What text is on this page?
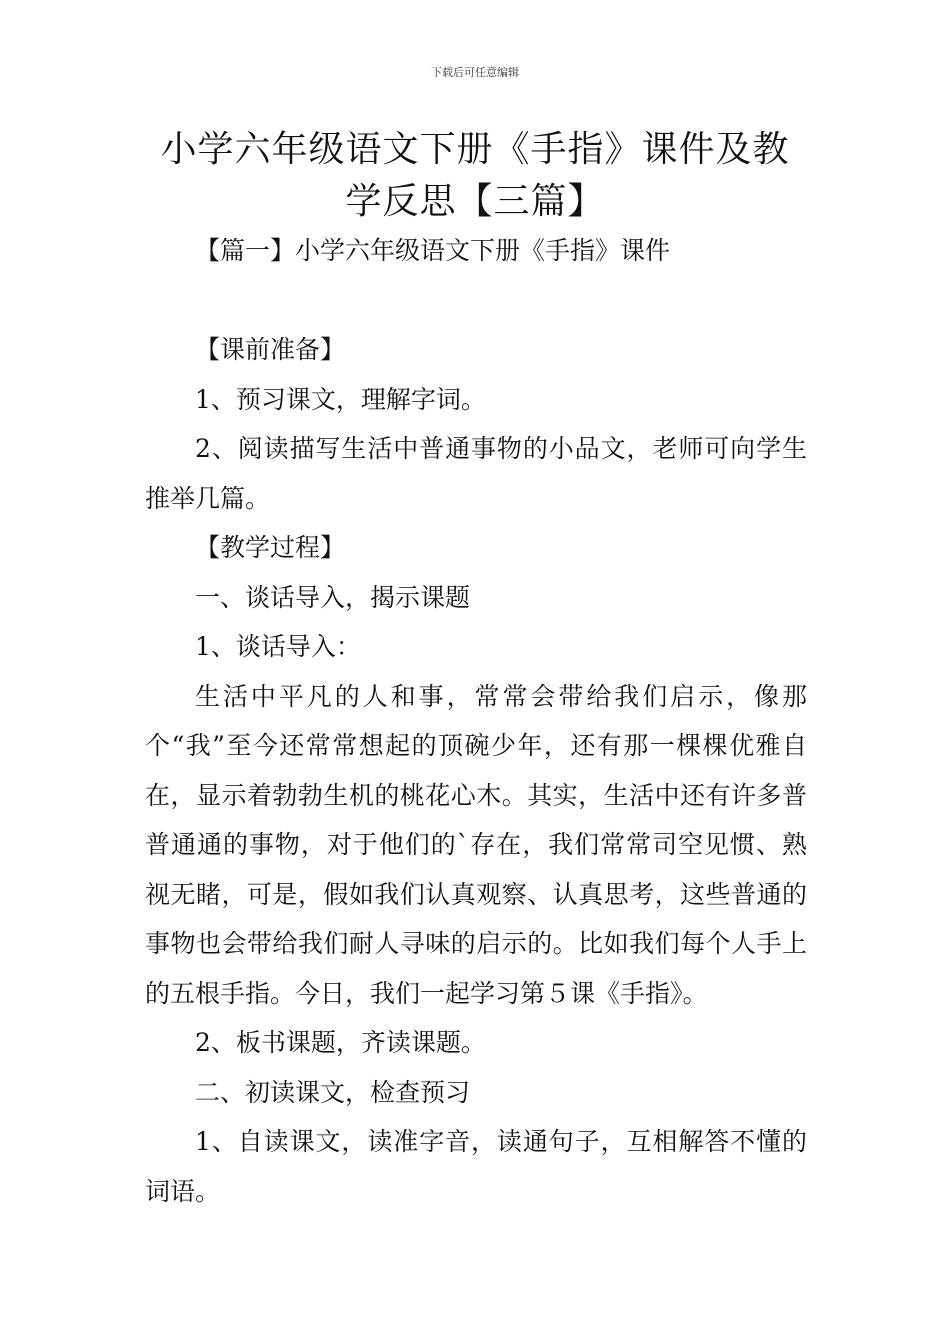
下载后可任意编辑
小学六年级语文下册《手指》课件及教学反思【三篇】

【篇一】小学六年级语文下册《手指》课件

【课前准备】

1、预习课文，理解字词。

2、阅读描写生活中普通事物的小品文，老师可向学生推举几篇。

【教学过程】

一、谈话导入，揭示课题

1、谈话导入：

生活中平凡的人和事，常常会带给我们启示，像那个“我”至今还常常想起的顶碗少年，还有那一棵棵优雅自在，显示着勃勃生机的桃花心木。其实，生活中还有许多普普通通的事物，对于他们的`存在，我们常常司空见惯、熟视无睹，可是，假如我们认真观察、认真思考，这些普通的事物也会带给我们耐人寻味的启示的。比如我们每个人手上的五根手指。今日，我们一起学习第５课《手指》。

2、板书课题，齐读课题。

二、初读课文，检查预习

1、自读课文，读准字音，读通句子，互相解答不懂的词语。
